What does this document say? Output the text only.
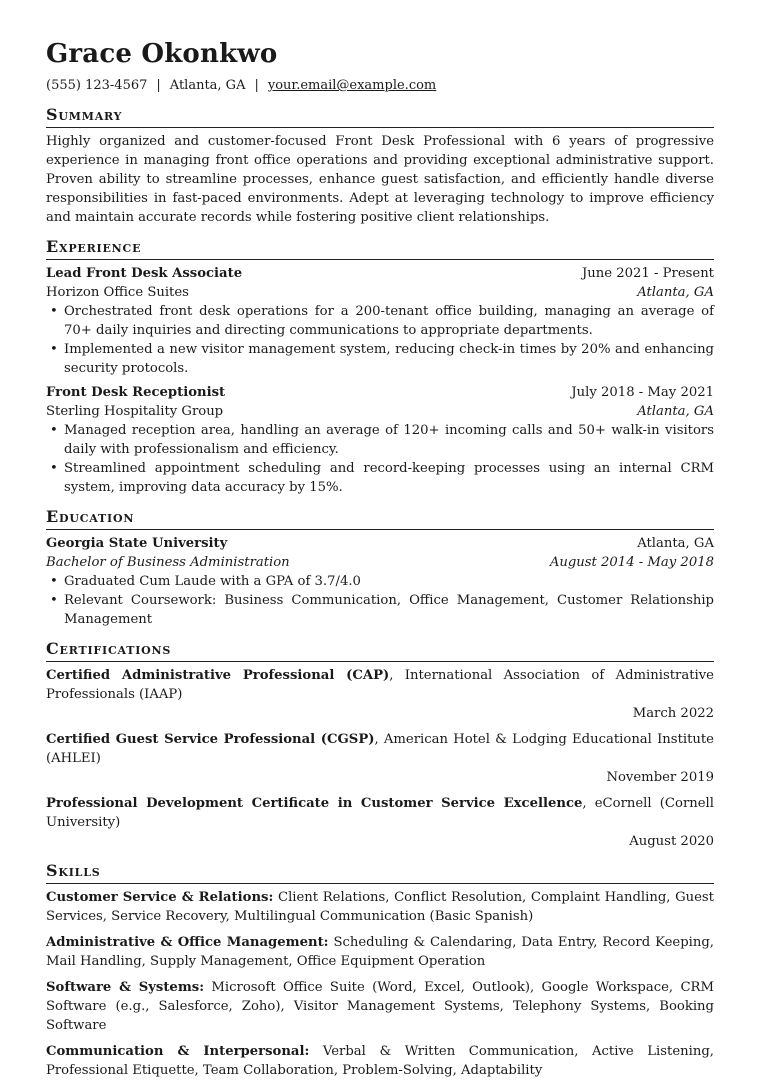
Grace Okonkwo
(555) 123-4567 | Atlanta, GA | your.email@example.com
Summary

Highly organized and customer-focused Front Desk Professional with 6 years of progressive experience in managing front office operations and providing exceptional administrative support. Proven ability to streamline processes, enhance guest satisfaction, and efficiently handle diverse responsibilities in fast-paced environments. Adept at leveraging technology to improve efficiency and maintain accurate records while fostering positive client relationships.

Experience
Lead Front Desk Associate	June 2021 - Present
Horizon Office Suites	Atlanta, GA
• Orchestrated front desk operations for a 200-tenant office building, managing an average of 70+ daily inquiries and directing communications to appropriate departments.
• Implemented a new visitor management system, reducing check-in times by 20% and enhancing security protocols.
Front Desk Receptionist	July 2018 - May 2021
Sterling Hospitality Group	Atlanta, GA
• Managed reception area, handling an average of 120+ incoming calls and 50+ walk-in visitors daily with professionalism and efficiency.
• Streamlined appointment scheduling and record-keeping processes using an internal CRM system, improving data accuracy by 15%.
Education
Georgia State University	Atlanta, GA
Bachelor of Business Administration	August 2014 - May 2018
• Graduated Cum Laude with a GPA of 3.7/4.0
• Relevant Coursework: Business Communication, Office Management, Customer Relationship Management
Certifications
Certified Administrative Professional (CAP), International Association of Administrative Professionals (IAAP)
March 2022
Certified Guest Service Professional (CGSP), American Hotel & Lodging Educational Institute (AHLEI)
November 2019
Professional Development Certificate in Customer Service Excellence, eCornell (Cornell University)
August 2020
Skills
Customer Service & Relations: Client Relations, Conflict Resolution, Complaint Handling, Guest Services, Service Recovery, Multilingual Communication (Basic Spanish)
Administrative & Office Management: Scheduling & Calendaring, Data Entry, Record Keeping, Mail Handling, Supply Management, Office Equipment Operation
Software & Systems: Microsoft Office Suite (Word, Excel, Outlook), Google Workspace, CRM Software (e.g., Salesforce, Zoho), Visitor Management Systems, Telephony Systems, Booking Software
Communication & Interpersonal: Verbal & Written Communication, Active Listening, Professional Etiquette, Team Collaboration, Problem-Solving, Adaptability
